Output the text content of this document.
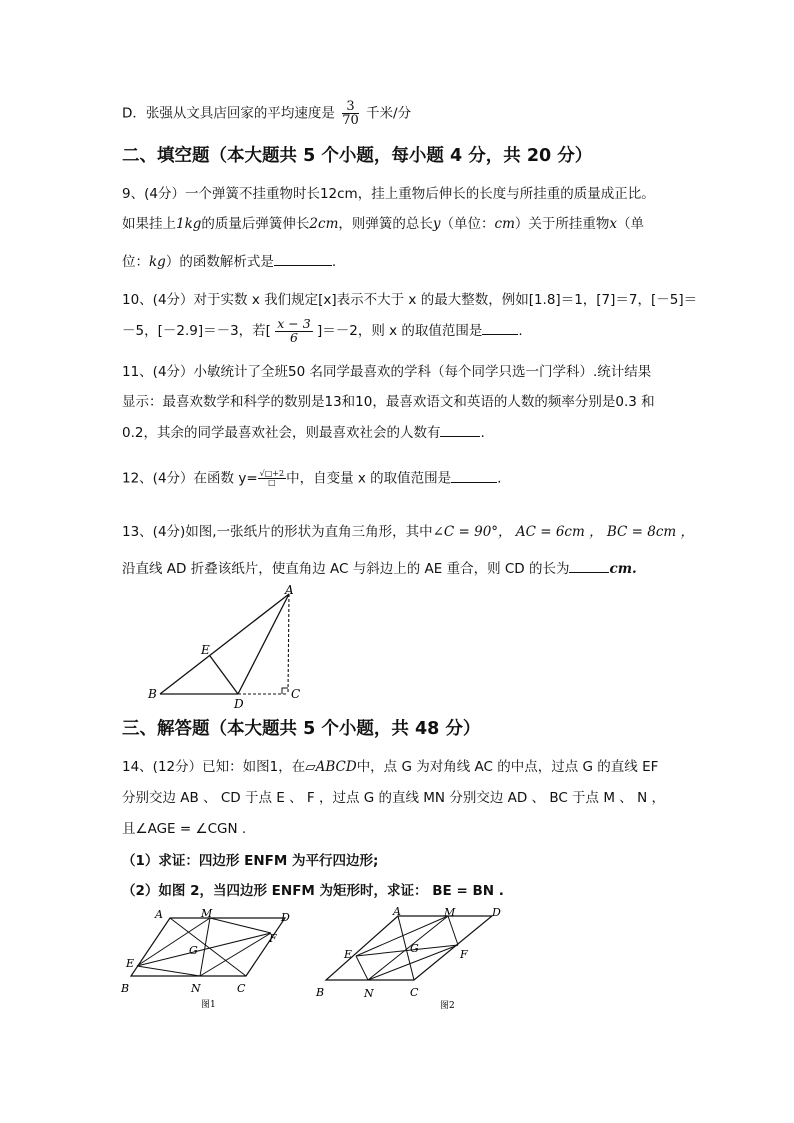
D．张强从文具店回家的平均速度是 $\frac{3}{70}$ 千米/分
二、填空题（本大题共 5 个小题，每小题 4 分，共 20 分）
9、(4分）一个弹簧不挂重物时长12cm，挂上重物后伸长的长度与所挂重的质量成正比。
如果挂上1kg的质量后弹簧伸长2cm，则弹簧的总长y（单位：cm）关于所挂重物x（单
位：kg）的函数解析式是	.
10、(4分）对于实数 x 我们规定[x]表示不大于 x 的最大整数，例如[1.8]＝1，[7]＝7，[－5]＝
－5，[－2.9]＝－3，若[ $\frac{x - 3}{6} ]=-2$，则 x 的取值范围是	.
11、(4分）小敏统计了全班50 名同学最喜欢的学科（每个同学只选一门学科）.统计结果
显示：最喜欢数学和科学的数别是13和10，最喜欢语文和英语的人数的频率分别是0.3 和
0.2，其余的同学最喜欢社会，则最喜欢社会的人数有	.
12、(4分）在函数 $y= \frac{√□+2}{□}$ 中，自变量 x 的取值范围是	.
13、(4分)如图,一张纸片的形状为直角三角形，其中∠C = 90°， AC = 6cm ， BC = 8cm ，
沿直线 AD 折叠该纸片，使直角边 AC 与斜边上的 AE 重合，则 CD 的长为	cm.
A
E
B
D
C
三、解答题（本大题共 5 个小题，共 48 分）
14、(12分）已知：如图1，在▱ABCD中，点 G 为对角线 AC 的中点，过点 G 的直线 EF
分别交边 AB 、 CD 于点 E 、 F ，过点 G 的直线 MN 分别交边 AD 、 BC 于点 M 、 N ，
且∠AGE = ∠CGN .
（1）求证：四边形 ENFM 为平行四边形;
（2）如图 2，当四边形 ENFM 为矩形时，求证： BE = BN .
A	M	D
F
G
E
B	N	C
图1
A	M	D
E	G	F
B	N	C
图2
